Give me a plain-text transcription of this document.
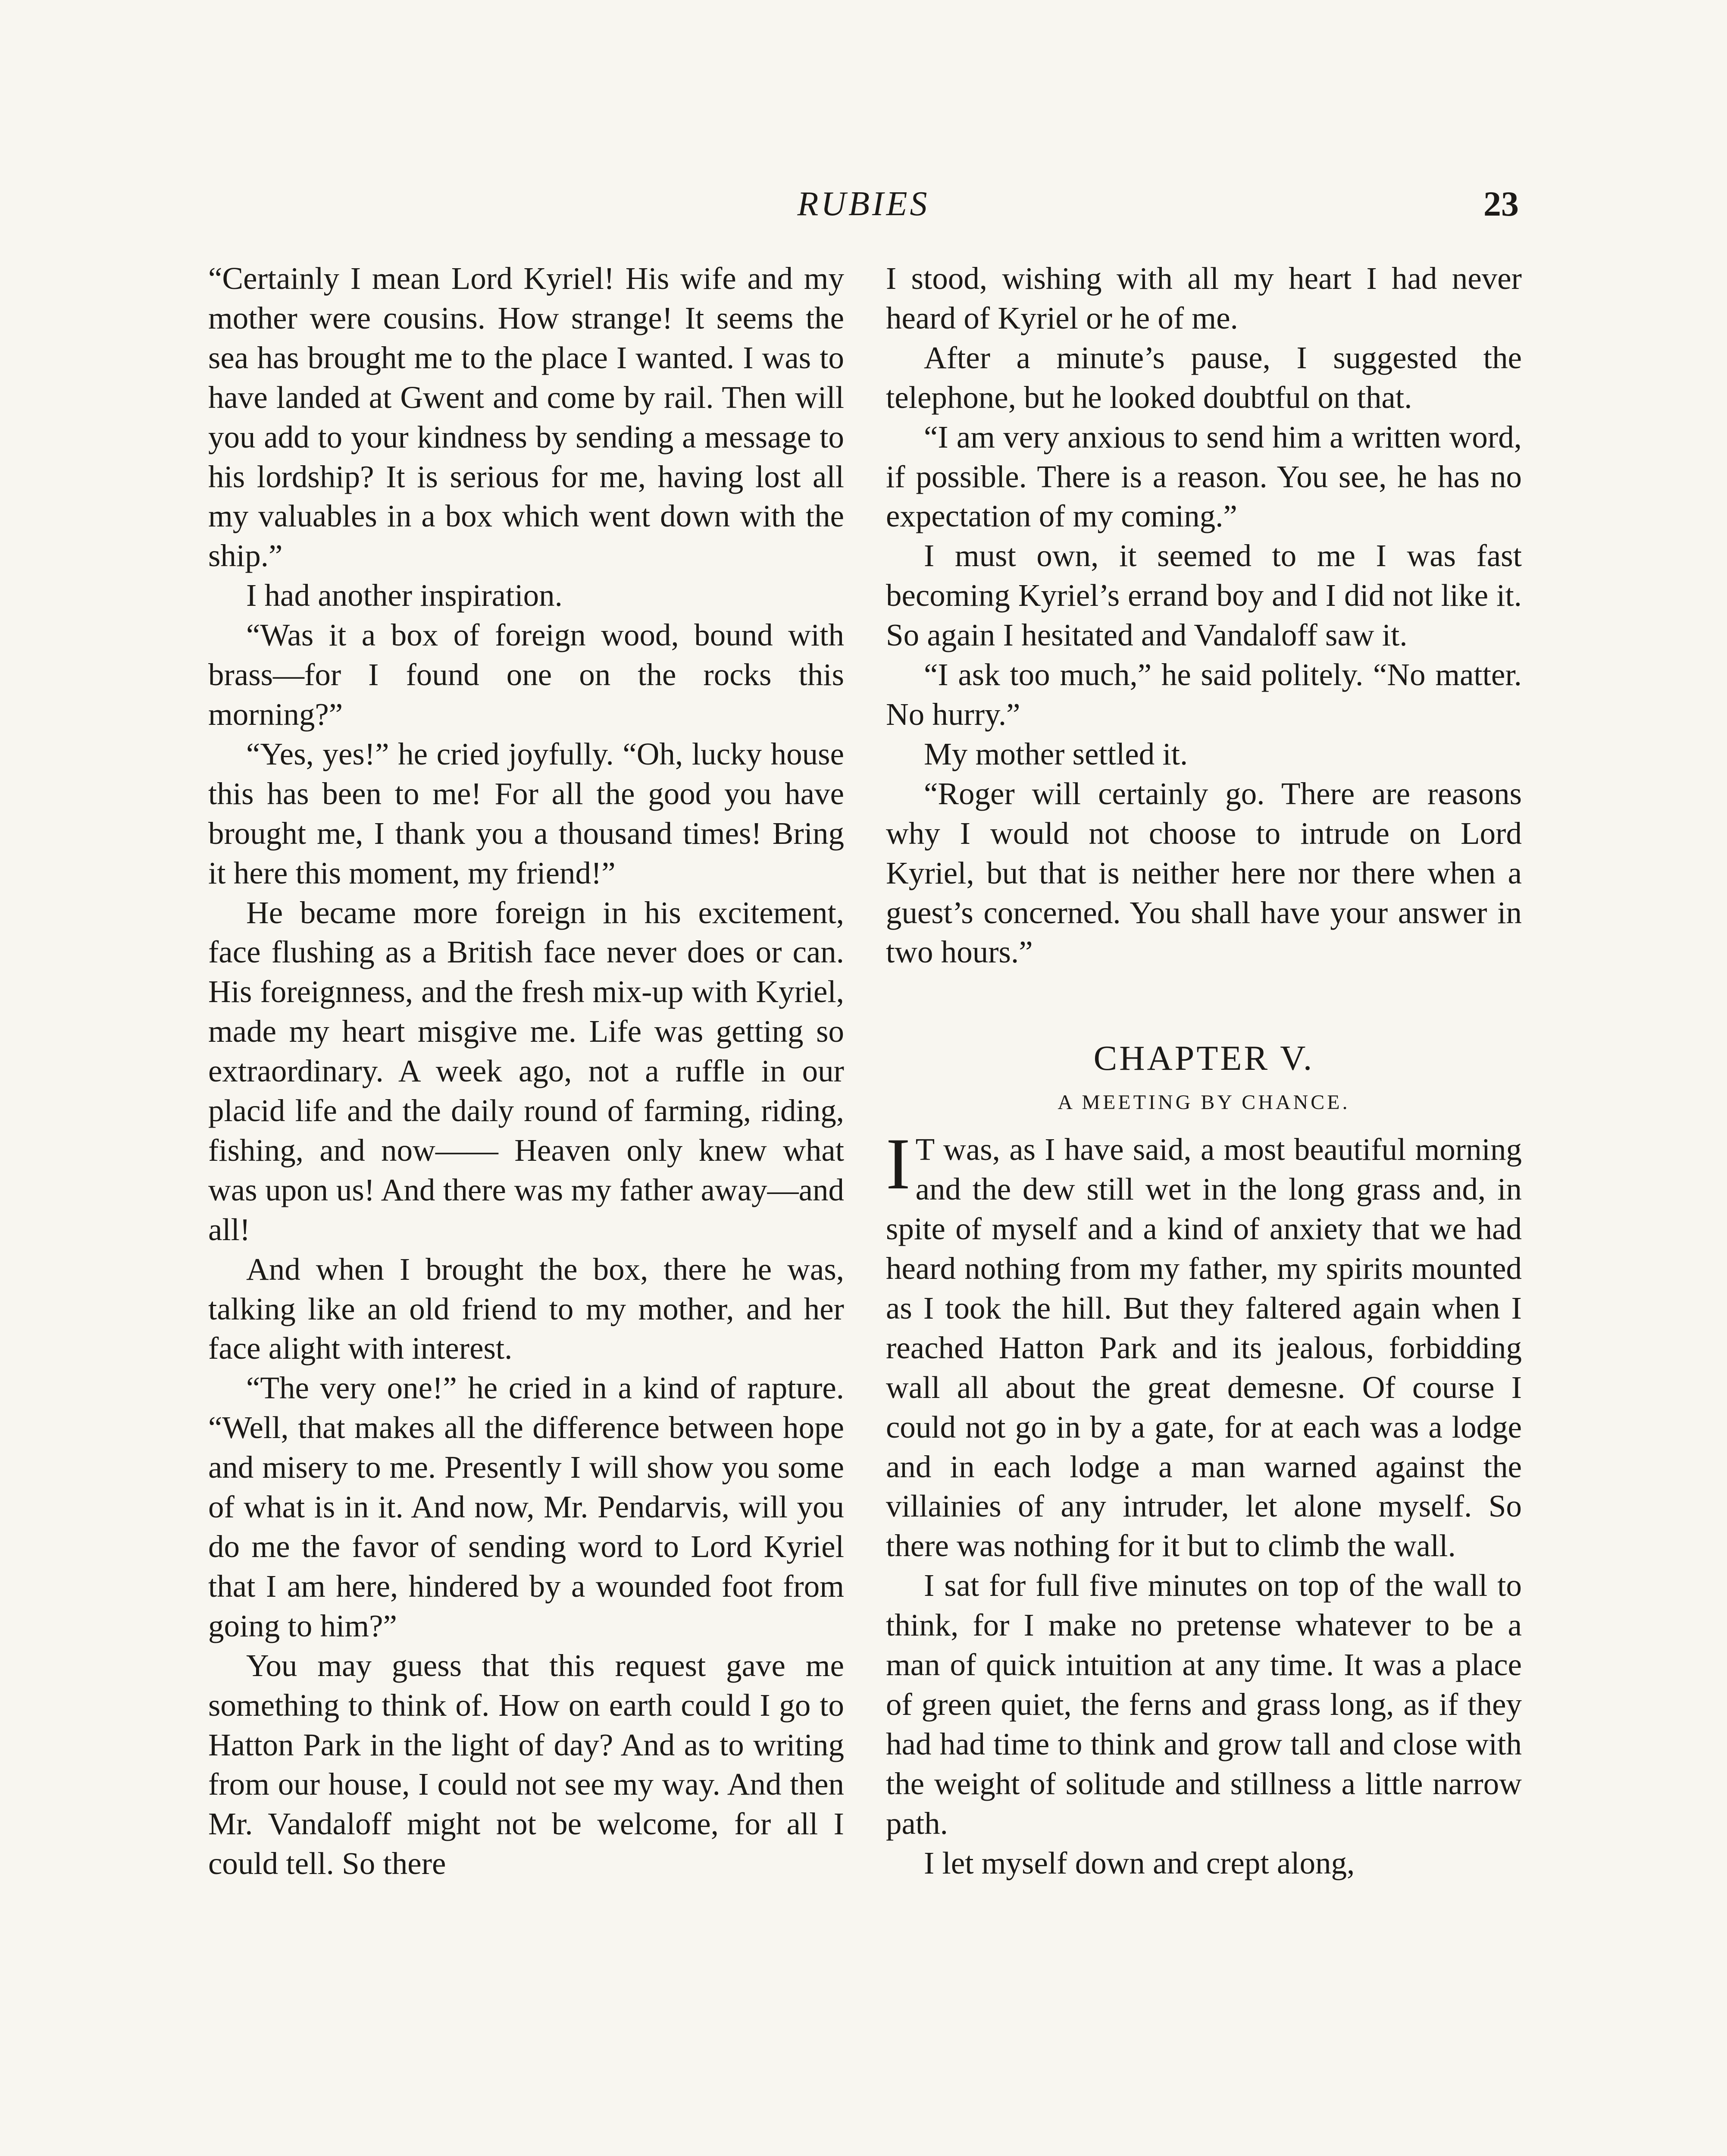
RUBIES	23

“Certainly I mean Lord Kyriel! His wife and my mother were cousins. How strange! It seems the sea has brought me to the place I wanted. I was to have landed at Gwent and come by rail. Then will you add to your kindness by sending a message to his lordship? It is serious for me, having lost all my valuables in a box which went down with the ship.”

I had another inspiration.

“Was it a box of foreign wood, bound with brass—for I found one on the rocks this morning?”

“Yes, yes!” he cried joyfully. “Oh, lucky house this has been to me! For all the good you have brought me, I thank you a thousand times! Bring it here this moment, my friend!”

He became more foreign in his excitement, face flushing as a British face never does or can. His foreignness, and the fresh mix-up with Kyriel, made my heart misgive me. Life was getting so extraordinary. A week ago, not a ruffle in our placid life and the daily round of farming, riding, fishing, and now—— Heaven only knew what was upon us! And there was my father away—and all!

And when I brought the box, there he was, talking like an old friend to my mother, and her face alight with interest.

“The very one!” he cried in a kind of rapture. “Well, that makes all the difference between hope and misery to me. Presently I will show you some of what is in it. And now, Mr. Pendarvis, will you do me the favor of sending word to Lord Kyriel that I am here, hindered by a wounded foot from going to him?”

You may guess that this request gave me something to think of. How on earth could I go to Hatton Park in the light of day? And as to writing from our house, I could not see my way. And then Mr. Vandaloff might not be welcome, for all I could tell. So there

I stood, wishing with all my heart I had never heard of Kyriel or he of me.

After a minute’s pause, I suggested the telephone, but he looked doubtful on that.

“I am very anxious to send him a written word, if possible. There is a reason. You see, he has no expectation of my coming.”

I must own, it seemed to me I was fast becoming Kyriel’s errand boy and I did not like it. So again I hesitated and Vandaloff saw it.

“I ask too much,” he said politely. “No matter. No hurry.”

My mother settled it.

“Roger will certainly go. There are reasons why I would not choose to intrude on Lord Kyriel, but that is neither here nor there when a guest’s concerned. You shall have your answer in two hours.”

CHAPTER V.
A MEETING BY CHANCE.

I T was, as I have said, a most beautiful morning and the dew still wet in the long grass and, in spite of myself and a kind of anxiety that we had heard nothing from my father, my spirits mounted as I took the hill. But they faltered again when I reached Hatton Park and its jealous, forbidding wall all about the great demesne. Of course I could not go in by a gate, for at each was a lodge and in each lodge a man warned against the villainies of any intruder, let alone myself. So there was nothing for it but to climb the wall.

I sat for full five minutes on top of the wall to think, for I make no pretense whatever to be a man of quick intuition at any time. It was a place of green quiet, the ferns and grass long, as if they had had time to think and grow tall and close with the weight of solitude and stillness a little narrow path.

I let myself down and crept along,
